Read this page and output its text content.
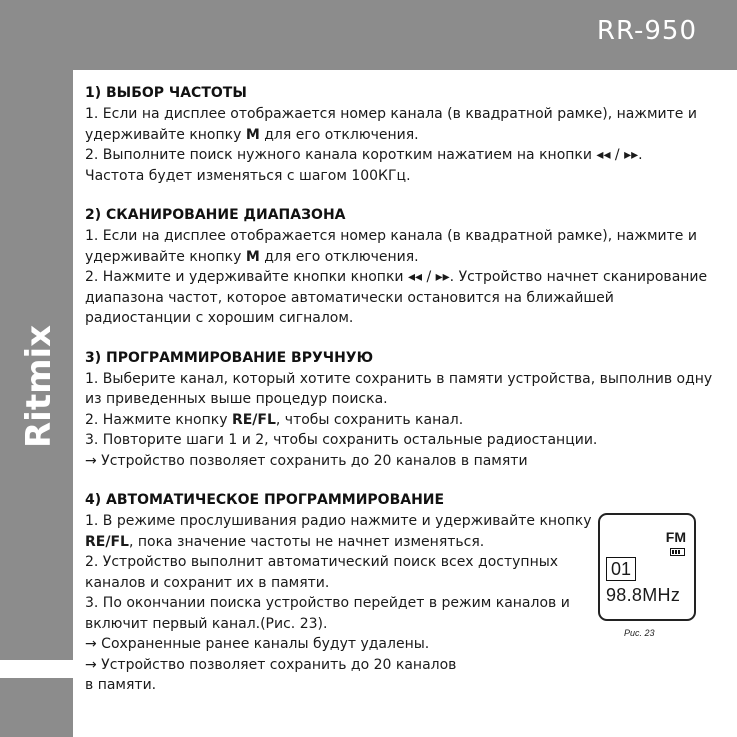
RR-950
Ritmix
1) ВЫБОР ЧАСТОТЫ
1. Если на дисплее отображается номер канала (в квадратной рамке), нажмите и
удерживайте кнопку M для его отключения.
2. Выполните поиск нужного канала коротким нажатием на кнопки ◂◂ / ▸▸.
Частота будет изменяться с шагом 100КГц.
2) СКАНИРОВАНИЕ ДИАПАЗОНА
1. Если на дисплее отображается номер канала (в квадратной рамке), нажмите и
удерживайте кнопку M для его отключения.
2. Нажмите и удерживайте кнопки кнопки ◂◂ / ▸▸. Устройство начнет сканирование
диапазона частот, которое автоматически остановится на ближайшей
радиостанции с хорошим сигналом.
3) ПРОГРАММИРОВАНИЕ ВРУЧНУЮ
1. Выберите канал, который хотите сохранить в памяти устройства, выполнив одну
из приведенных выше процедур поиска.
2. Нажмите кнопку RE/FL, чтобы сохранить канал.
3. Повторите шаги 1 и 2, чтобы сохранить остальные радиостанции.
→ Устройство позволяет сохранить до 20 каналов в памяти
4) АВТОМАТИЧЕСКОЕ ПРОГРАММИРОВАНИЕ
1. В режиме прослушивания радио нажмите и удерживайте кнопку
RE/FL, пока значение частоты не начнет изменяться.
2. Устройство выполнит автоматический поиск всех доступных
каналов и сохранит их в памяти.
3. По окончании поиска устройство перейдет в режим каналов и
включит первый канал.(Рис. 23).
→ Сохраненные ранее каналы будут удалены.
→ Устройство позволяет сохранить до 20 каналов
в памяти.
FM
01
98.8MHz
Рис. 23
